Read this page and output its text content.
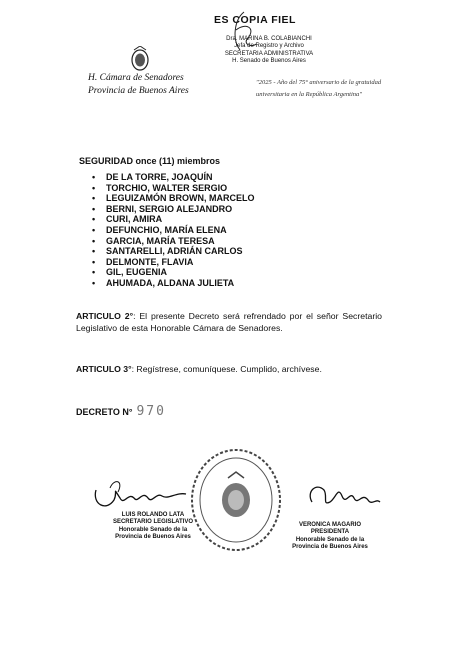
ES COPIA FIEL
Dra. MARINA B. COLABIANCHI
Jefa de Registro y Archivo
SECRETARIA ADMINISTRATIVA
H. Senado de Buenos Aires
H. Cámara de Senadores
Provincia de Buenos Aires
"2025 - Año del 75° aniversario de la gratuidad
universitaria en la República Argentina"
SEGURIDAD once (11) miembros
• DE LA TORRE, JOAQUÍN
• TORCHIO, WALTER SERGIO
• LEGUIZAMÓN BROWN, MARCELO
• BERNI, SERGIO ALEJANDRO
• CURI, AMIRA
• DEFUNCHIO, MARÍA ELENA
• GARCIA, MARÍA TERESA
• SANTARELLI, ADRIÁN CARLOS
• DELMONTE, FLAVIA
• GIL, EUGENIA
• AHUMADA, ALDANA JULIETA
ARTICULO 2°: El presente Decreto será refrendado por el señor Secretario Legislativo de esta Honorable Cámara de Senadores.
ARTICULO 3°: Regístrese, comuníquese. Cumplido, archívese.
DECRETO N° 970
LUIS ROLANDO LATA
SECRETARIO LEGISLATIVO
Honorable Senado de la
Provincia de Buenos Aires
VERONICA MAGARIO
PRESIDENTA
Honorable Senado de la
Provincia de Buenos Aires
